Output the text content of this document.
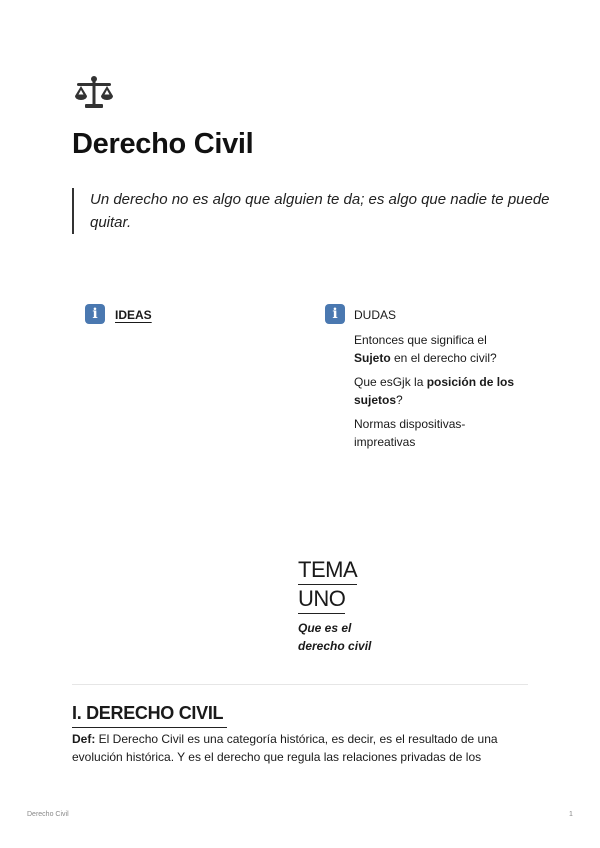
Derecho Civil
Un derecho no es algo que alguien te da; es algo que nadie te puede quitar.
i	IDEAS	i	DUDAS

Entonces que significa el Sujeto en el derecho civil?

Que esGjk la posición de los sujetos?

Normas dispositivas-impreativas

TEMA
UNO
Que es el derecho civil
I. DERECHO CIVIL
Def: El Derecho Civil es una categoría histórica, es decir, es el resultado de una evolución histórica. Y es el derecho que regula las relaciones privadas de los
Derecho Civil	1
